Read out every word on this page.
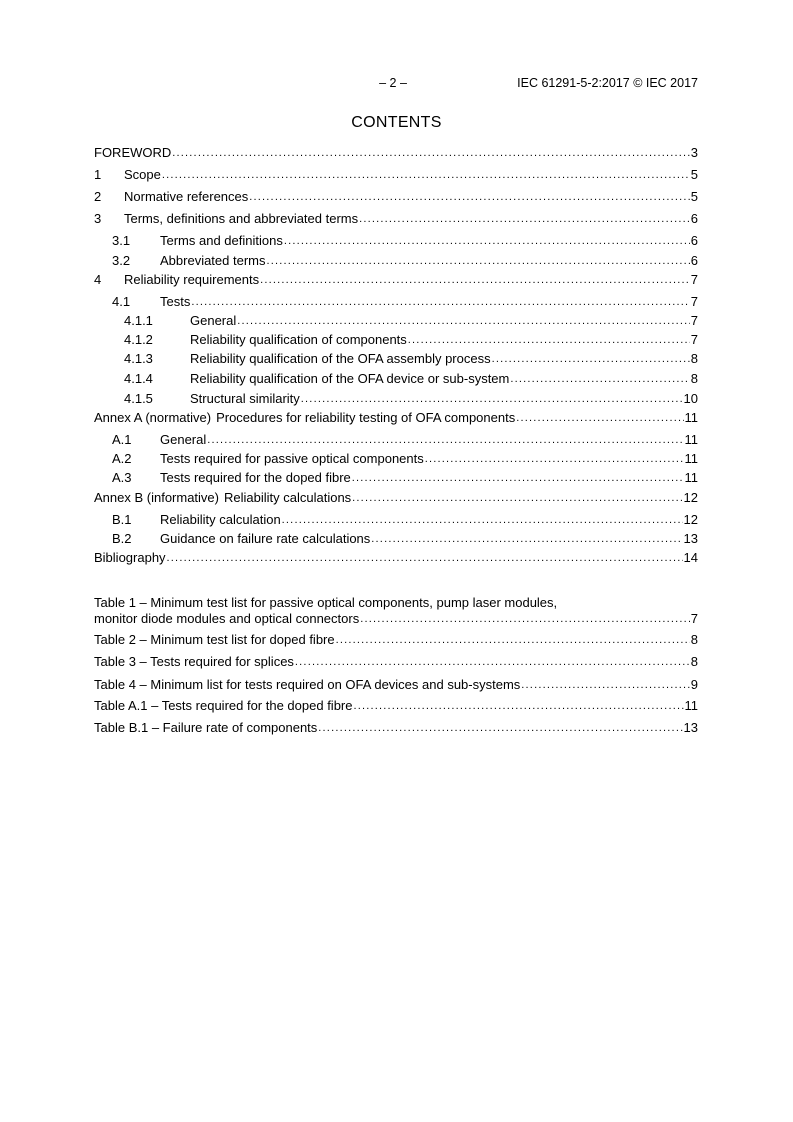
– 2 –	IEC 61291-5-2:2017 © IEC 2017
CONTENTS
FOREWORD .....	3
1	Scope .....	5
2	Normative references .....	5
3	Terms, definitions and abbreviated terms .....	6
3.1	Terms and definitions .....	6
3.2	Abbreviated terms .....	6
4	Reliability requirements .....	7
4.1	Tests .....	7
4.1.1	General .....	7
4.1.2	Reliability qualification of components .....	7
4.1.3	Reliability qualification of the OFA assembly process .....	8
4.1.4	Reliability qualification of the OFA device or sub-system .....	8
4.1.5	Structural similarity .....	10
Annex A (normative) Procedures for reliability testing of OFA components .....	11
A.1	General .....	11
A.2	Tests required for passive optical components .....	11
A.3	Tests required for the doped fibre .....	11
Annex B (informative) Reliability calculations .....	12
B.1	Reliability calculation .....	12
B.2	Guidance on failure rate calculations .....	13
Bibliography .....	14
Table 1 – Minimum test list for passive optical components, pump laser modules,
monitor diode modules and optical connectors .....	7
Table 2 – Minimum test list for doped fibre .....	8
Table 3 – Tests required for splices .....	8
Table 4 – Minimum list for tests required on OFA devices and sub-systems .....	9
Table A.1 – Tests required for the doped fibre .....	11
Table B.1 – Failure rate of components .....	13
